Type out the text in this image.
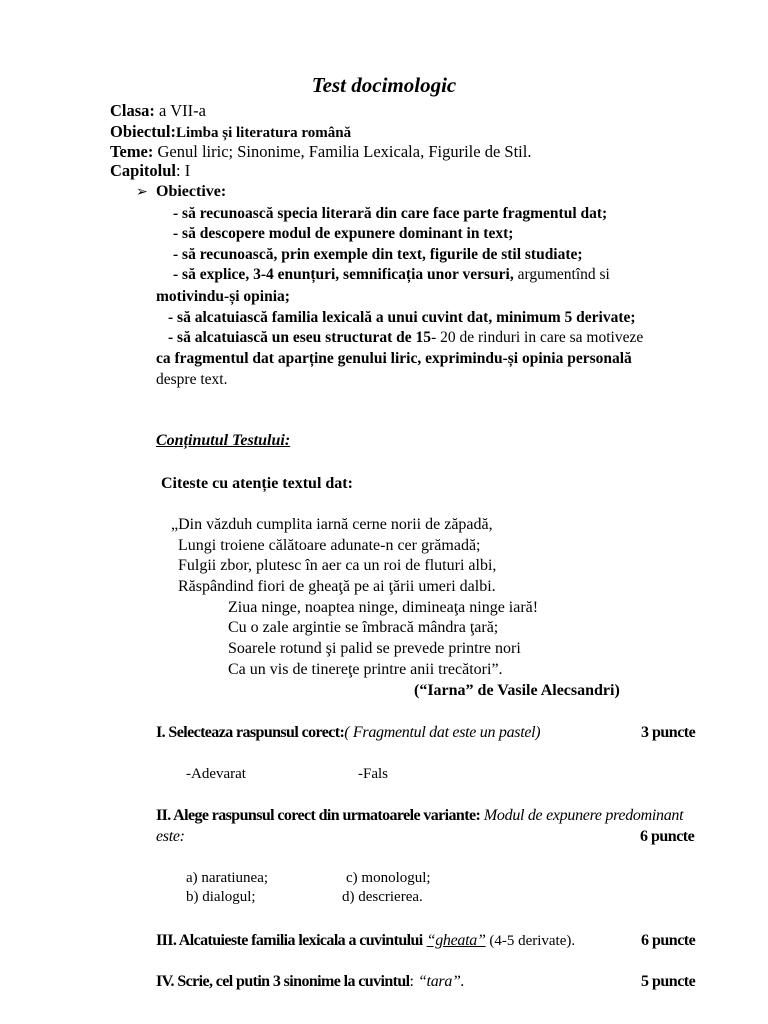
Test docimologic
Clasa: a VII-a
Obiectul:Limba și literatura română
Teme: Genul liric; Sinonime, Familia Lexicala, Figurile de Stil.
Capitolul: I
➢ Obiective:
- să recunoască specia literară din care face parte fragmentul dat;
- să descopere modul de expunere dominant in text;
- să recunoască, prin exemple din text, figurile de stil studiate;
- să explice, 3-4 enunțuri, semnificația unor versuri, argumentînd si
motivindu-și opinia;
- să alcatuiască familia lexicală a unui cuvint dat, minimum 5 derivate;
- să alcatuiască un eseu structurat de 15- 20 de rinduri in care sa motiveze
ca fragmentul dat aparține genului liric, exprimindu-și opinia personală
despre text.
Conținutul Testului:
Citeste cu atenție textul dat:
„Din văzduh cumplita iarnă cerne norii de zăpadă,
Lungi troiene călătoare adunate-n cer grămadă;
Fulgii zbor, plutesc în aer ca un roi de fluturi albi,
Răspândind fiori de gheaţă pe ai ţării umeri dalbi.
Ziua ninge, noaptea ninge, dimineaţa ninge iară!
Cu o zale argintie se îmbracă mândra ţară;
Soarele rotund şi palid se prevede printre nori
Ca un vis de tinereţe printre anii trecători”.
(“Iarna” de Vasile Alecsandri)
I. Selecteaza raspunsul corect:( Fragmentul dat este un pastel)	3 puncte
-Adevarat	-Fals
II. Alege raspunsul corect din urmatoarele variante: Modul de expunere predominant
este:	6 puncte
a) naratiunea;	c) monologul;
b) dialogul;	d) descrierea.
III. Alcatuieste familia lexicala a cuvintului “gheata” (4-5 derivate).	6 puncte
IV. Scrie, cel putin 3 sinonime la cuvintul: “tara”.	5 puncte
